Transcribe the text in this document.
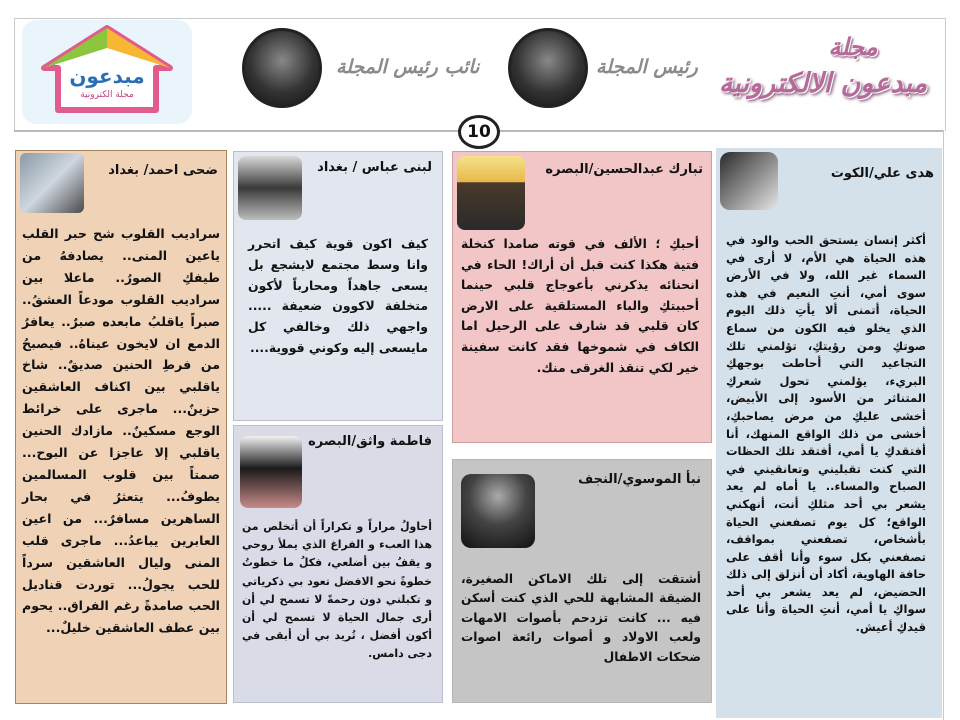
مبدعون
مجلة الكترونية
نائب رئيس المجلة	رئيس المجلة
مجلة
مبدعون الالكترونية
10
هدى علي/الكوت
أكثر إنسان يستحق الحب والود في هذه الحياة هي الأم، لا أرى في السماء غير الله، ولا في الأرض سوى أمي، أنتِ النعيم في هذه الحياة، أتمنى ألا يأتِ ذلك اليوم الذي يخلو فيه الكون من سماع صوتكِ ومن رؤيتكِ، تؤلمني تلك التجاعيد التي أحاطت بوجهكِ البريء، يؤلمني تحول شعركِ المتناثر من الأسود إلى الأبيض، أخشى عليكِ من مرض يصاحبكِ، أخشى من ذلك الواقع المنهك، أنا أفتقدكِ يا أمي، أفتقد تلك الحظات التي كنت تقبليني وتعانقيني في الصباح والمساء.. يا أماه لم يعد يشعر بي أحد مثلكِ أنت، أنهكني الواقع؛ كل يوم تصفعني الحياة بأشخاص، تصفعني بمواقف، تصفعني بكل سوء وأنا أقف على حافة الهاوية، أكاد أن أنزلق إلى ذلك الحضيض، لم يعد يشعر بي أحد سواكِ يا أمي، أنتِ الحياة وأنا على قيدكِ أعيش.
تبارك عبدالحسين/البصره
أحبكِ ؛ الألف في قوته صامدا كنخلة فتية هكذا كنت قبل أن أراك! الحاء في انحنائه يذكرني بأعوجاج قلبي حينما أحببتكِ والباء المستلقية على الارض كان قلبي قد شارف على الرحيل اما الكاف في شموخها فقد كانت سفينة خير لكي تنقذ الغرقى منك.
نبأ الموسوي/النجف
أشتقت إلى تلك الاماكن الصغيرة، الضيقة المشابهة للحي الذي كنت أسكن فيه ... كانت تزدحم بأصوات الامهات ولعب الاولاد و أصوات رائعة اصوات ضحكات الاطفال
لبنى عباس / بغداد
كيف اكون قوية كيف اتحرر وانا وسط مجتمع لايشجع بل يسعى جاهداً ومحارباً لأكون متخلفة لاكوون ضعيفة ..... واجهي ذلك وخالفي كل مايسعى إليه وكوني قووية....
فاطمة واثق/البصره
أحاولُ مراراً و تكراراً أن أتخلص من هذا العبء و الفراغ الذي يملأ روحي و يقفُ بين أضلعي، فكلُ ما خطوتُ خطوةً نحو الافضل تعود بي ذكرياتي و تكبلني دون رحمةً لا تسمح لي أن أرى جمال الحياة لا تسمح لي أن أكون أفضل ، تُريد بي أن أبقى في دجى دامس.
ضحى احمد/ بغداد
سراديب القلوب شح حبر القلب ياعين المنى.. يصادفهُ من طيفكِ الصورُ.. ماعلا بين سراديب القلوب مودعاً العشقُ.. صبراً ياقلبُ مابعده صبرٌ.. يعافرُ الدمع ان لايخون عيناهُ.. فيصبحُ من فرطِ الحنين صديقٌ.. شاخ ياقلبي بين اكناف العاشقين حزينٌ... ماجرى على خرائط الوجع مسكينٌ.. مازادك الحنين ياقلبي إلا عاجزا عن البوح... صمتاً بين قلوب المسالمين يطوفُ... يتعثرُ في بحار الساهرين مسافرٌ... من اعين العابرين يباعدُ... ماجرى قلب المنى وليال العاشقين سرداً للحب يجولُ... توردت قناديل الحب صامدةً رغم الفراق.. يحوم بين عطف العاشقين خليلٌ...
